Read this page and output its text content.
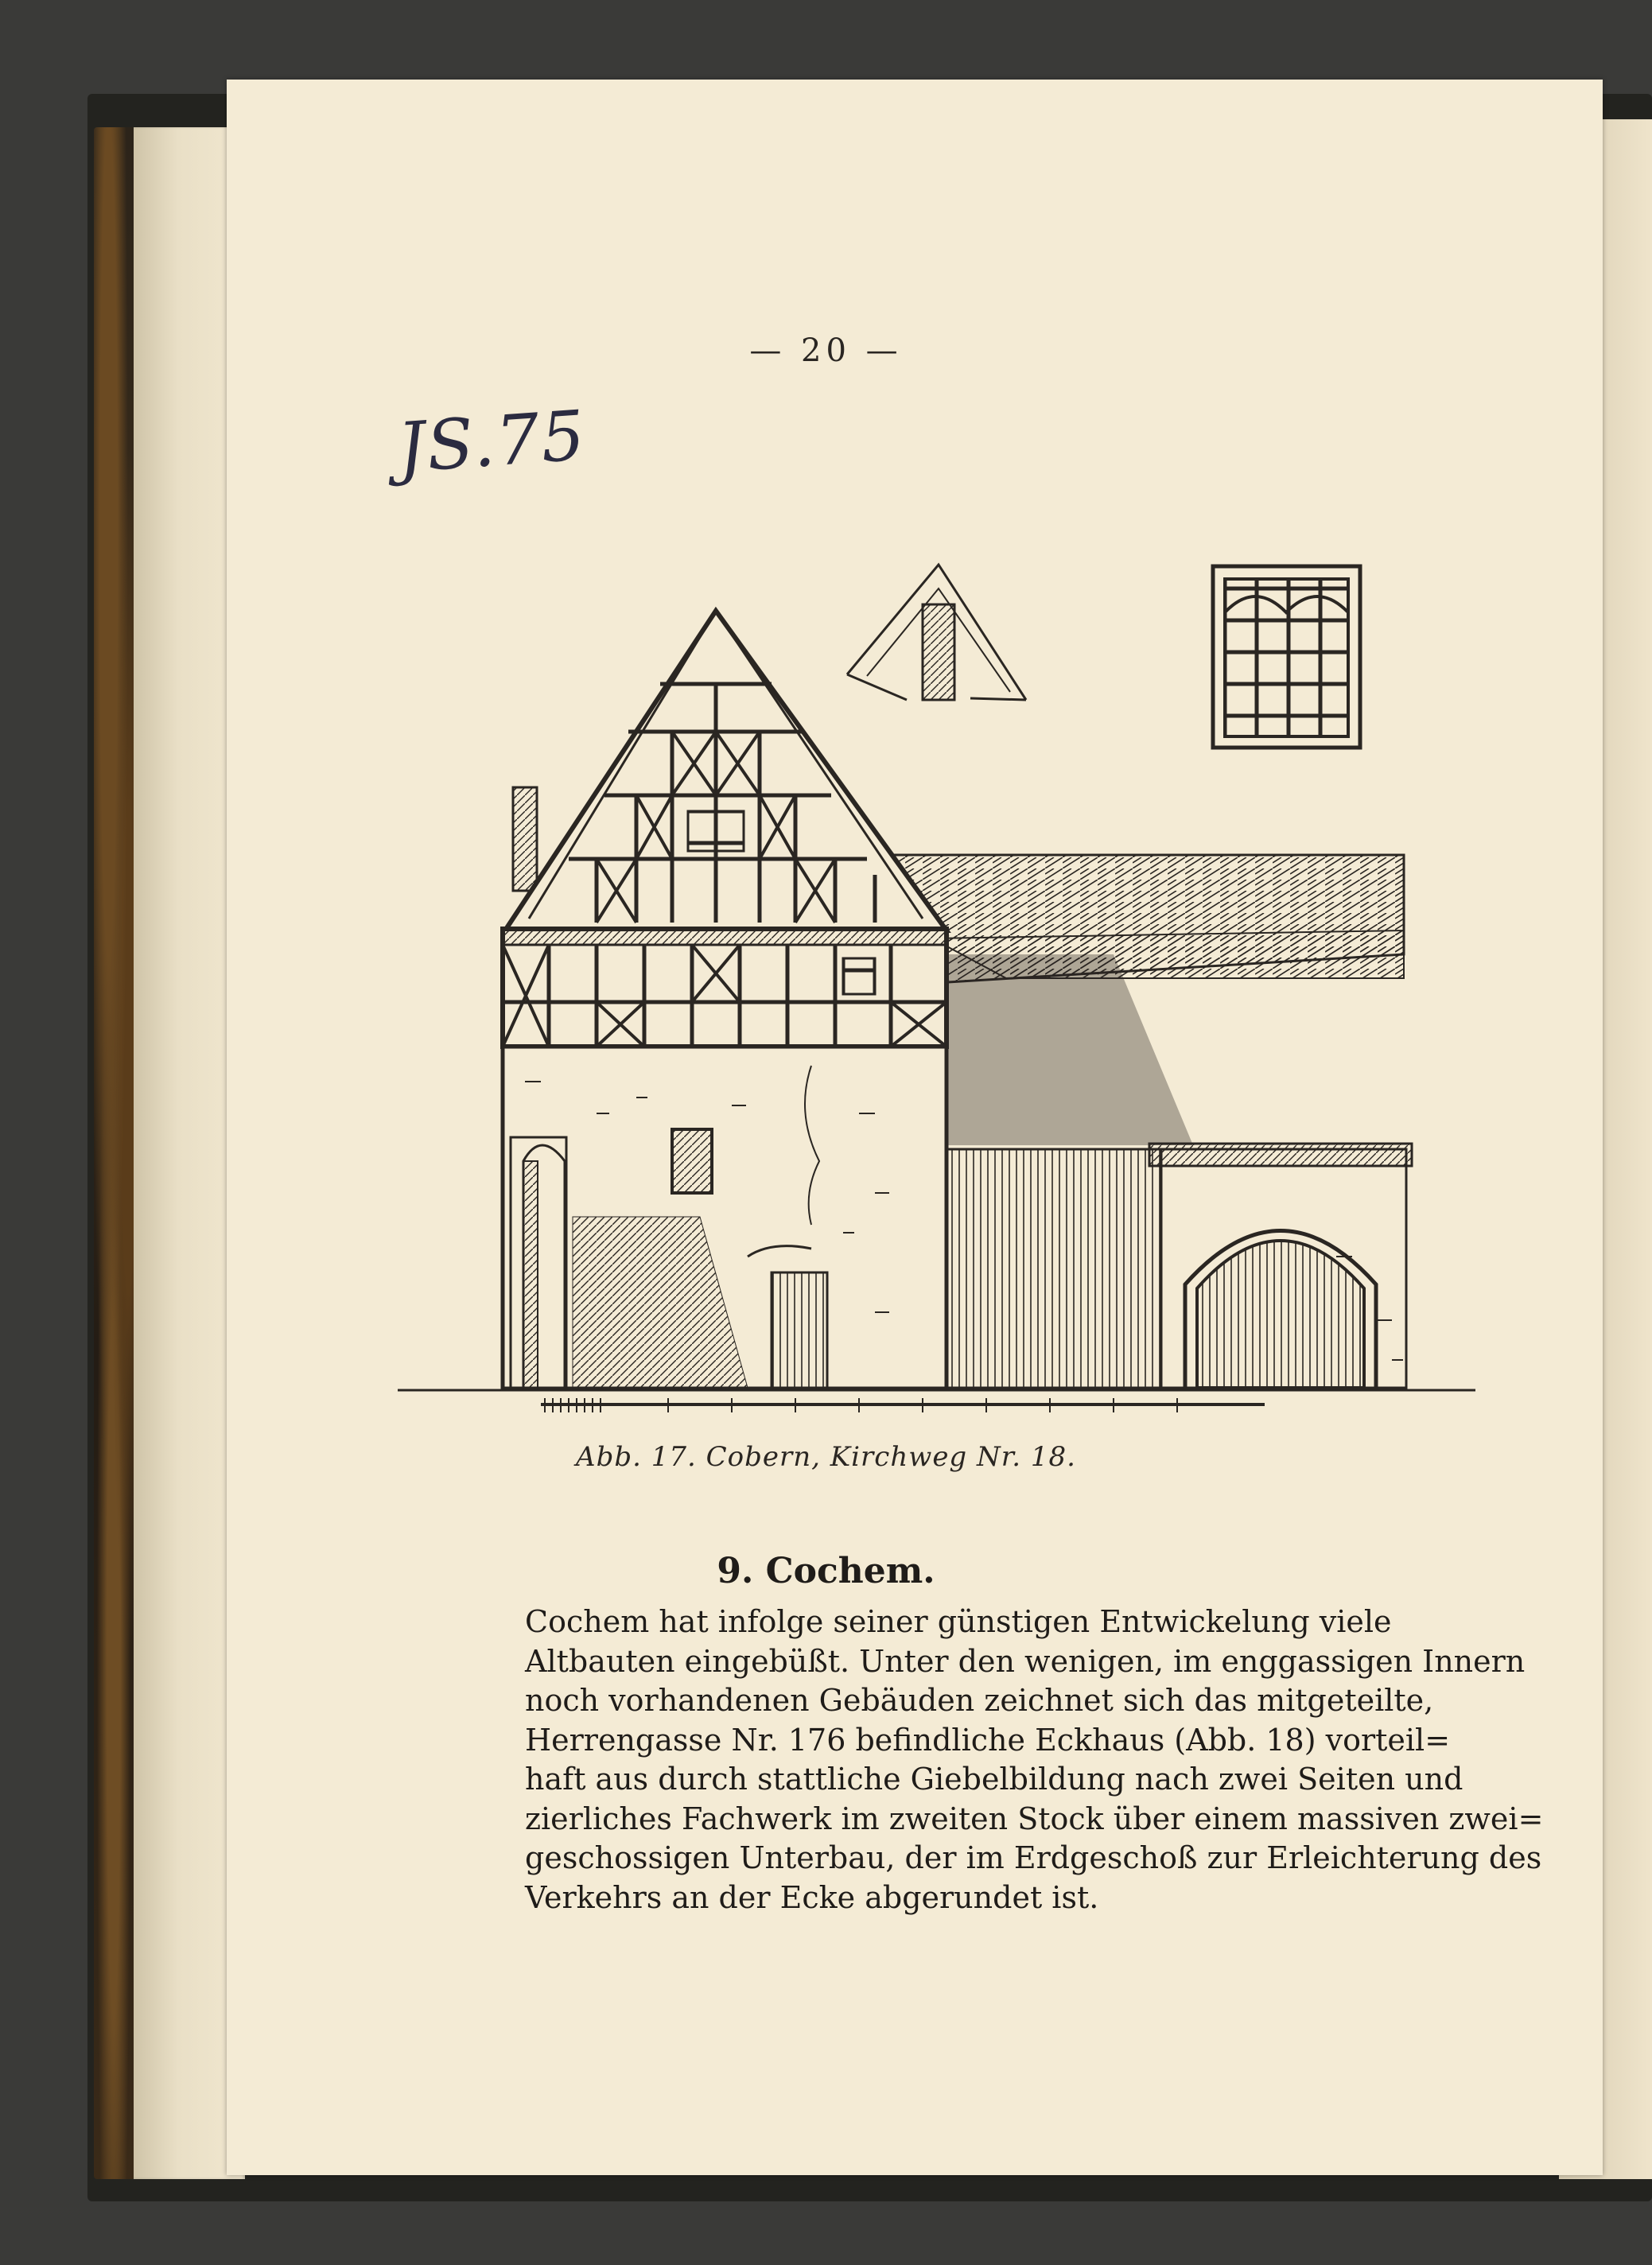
— 20 —
JS.75
Abb. 17. Cobern, Kirchweg Nr. 18.
9. Cochem.
Cochem hat infolge seiner günstigen Entwickelung viele
Altbauten eingebüßt. Unter den wenigen, im enggassigen Innern
noch vorhandenen Gebäuden zeichnet sich das mitgeteilte,
Herrengasse Nr. 176 befindliche Eckhaus (Abb. 18) vorteil=
haft aus durch stattliche Giebelbildung nach zwei Seiten und
zierliches Fachwerk im zweiten Stock über einem massiven zwei=
geschossigen Unterbau, der im Erdgeschoß zur Erleichterung des
Verkehrs an der Ecke abgerundet ist.
